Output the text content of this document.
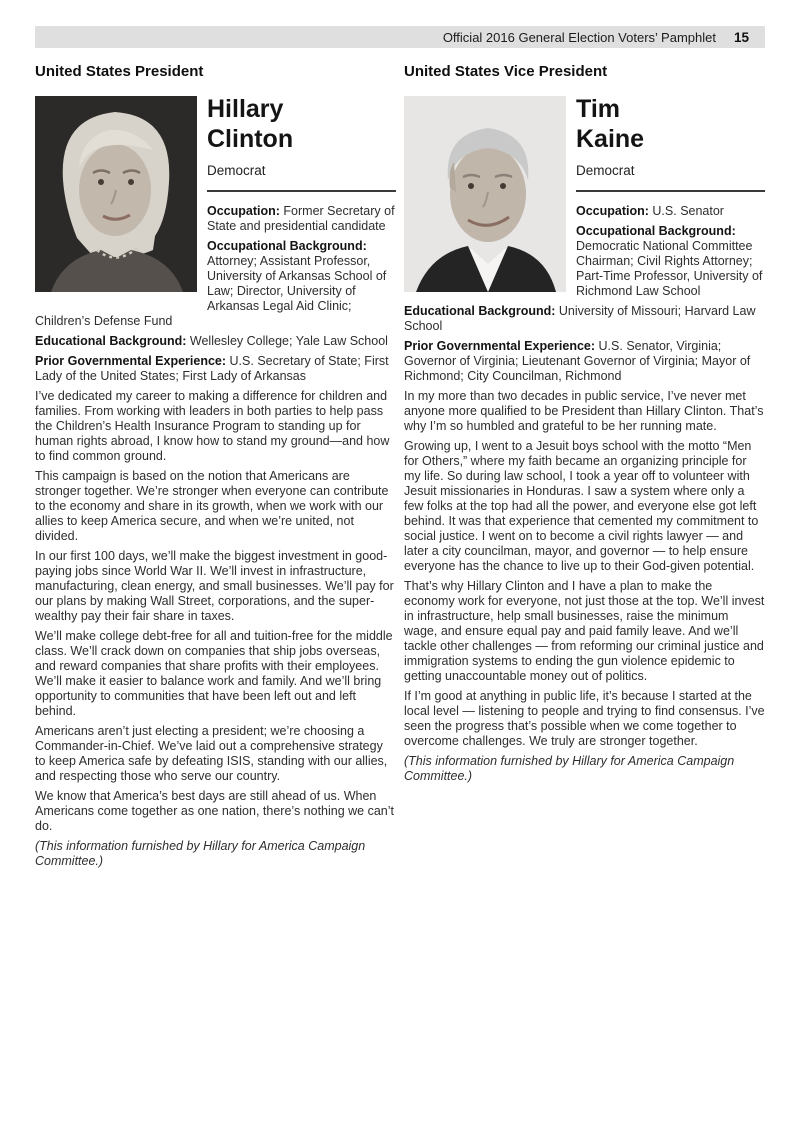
Official 2016 General Election Voters’ Pamphlet 15
United States President
Hillary
Clinton

Democrat

Occupation: Former Secretary of State and presidential candidate

Occupational Background: Attorney; Assistant Professor, University of Arkansas School of Law; Director, University of Arkansas Legal Aid Clinic; Children’s Defense Fund

Educational Background: Wellesley College; Yale Law School

Prior Governmental Experience: U.S. Secretary of State; First Lady of the United States; First Lady of Arkansas

I’ve dedicated my career to making a difference for children and families. From working with leaders in both parties to help pass the Children’s Health Insurance Program to standing up for human rights abroad, I know how to stand my ground—and how to find common ground.

This campaign is based on the notion that Americans are stronger together. We’re stronger when everyone can contribute to the economy and share in its growth, when we work with our allies to keep America secure, and when we’re united, not divided.

In our first 100 days, we’ll make the biggest investment in good-paying jobs since World War II. We’ll invest in infrastructure, manufacturing, clean energy, and small businesses. We’ll pay for our plans by making Wall Street, corporations, and the super-wealthy pay their fair share in taxes.

We’ll make college debt-free for all and tuition-free for the middle class. We’ll crack down on companies that ship jobs overseas, and reward companies that share profits with their employees. We’ll make it easier to balance work and family. And we’ll bring opportunity to communities that have been left out and left behind.

Americans aren’t just electing a president; we’re choosing a Commander-in-Chief. We’ve laid out a comprehensive strategy to keep America safe by defeating ISIS, standing with our allies, and respecting those who serve our country.

We know that America’s best days are still ahead of us. When Americans come together as one nation, there’s nothing we can’t do.

(This information furnished by Hillary for America Campaign Committee.)

United States Vice President
Tim
Kaine

Democrat

Occupation: U.S. Senator

Occupational Background: Democratic National Committee Chairman; Civil Rights Attorney; Part-Time Professor, University of Richmond Law School

Educational Background: University of Missouri; Harvard Law School

Prior Governmental Experience: U.S. Senator, Virginia; Governor of Virginia; Lieutenant Governor of Virginia; Mayor of Richmond; City Councilman, Richmond

In my more than two decades in public service, I’ve never met anyone more qualified to be President than Hillary Clinton. That’s why I’m so humbled and grateful to be her running mate.

Growing up, I went to a Jesuit boys school with the motto “Men for Others,” where my faith became an organizing principle for my life. So during law school, I took a year off to volunteer with Jesuit missionaries in Honduras. I saw a system where only a few folks at the top had all the power, and everyone else got left behind. It was that experience that cemented my commitment to social justice. I went on to become a civil rights lawyer — and later a city councilman, mayor, and governor — to help ensure everyone has the chance to live up to their God-given potential.

That’s why Hillary Clinton and I have a plan to make the economy work for everyone, not just those at the top. We’ll invest in infrastructure, help small businesses, raise the minimum wage, and ensure equal pay and paid family leave. And we’ll tackle other challenges — from reforming our criminal justice and immigration systems to ending the gun violence epidemic to getting unaccountable money out of politics.

If I’m good at anything in public life, it’s because I started at the local level — listening to people and trying to find consensus. I’ve seen the progress that’s possible when we come together to overcome challenges. We truly are stronger together.

(This information furnished by Hillary for America Campaign Committee.)
